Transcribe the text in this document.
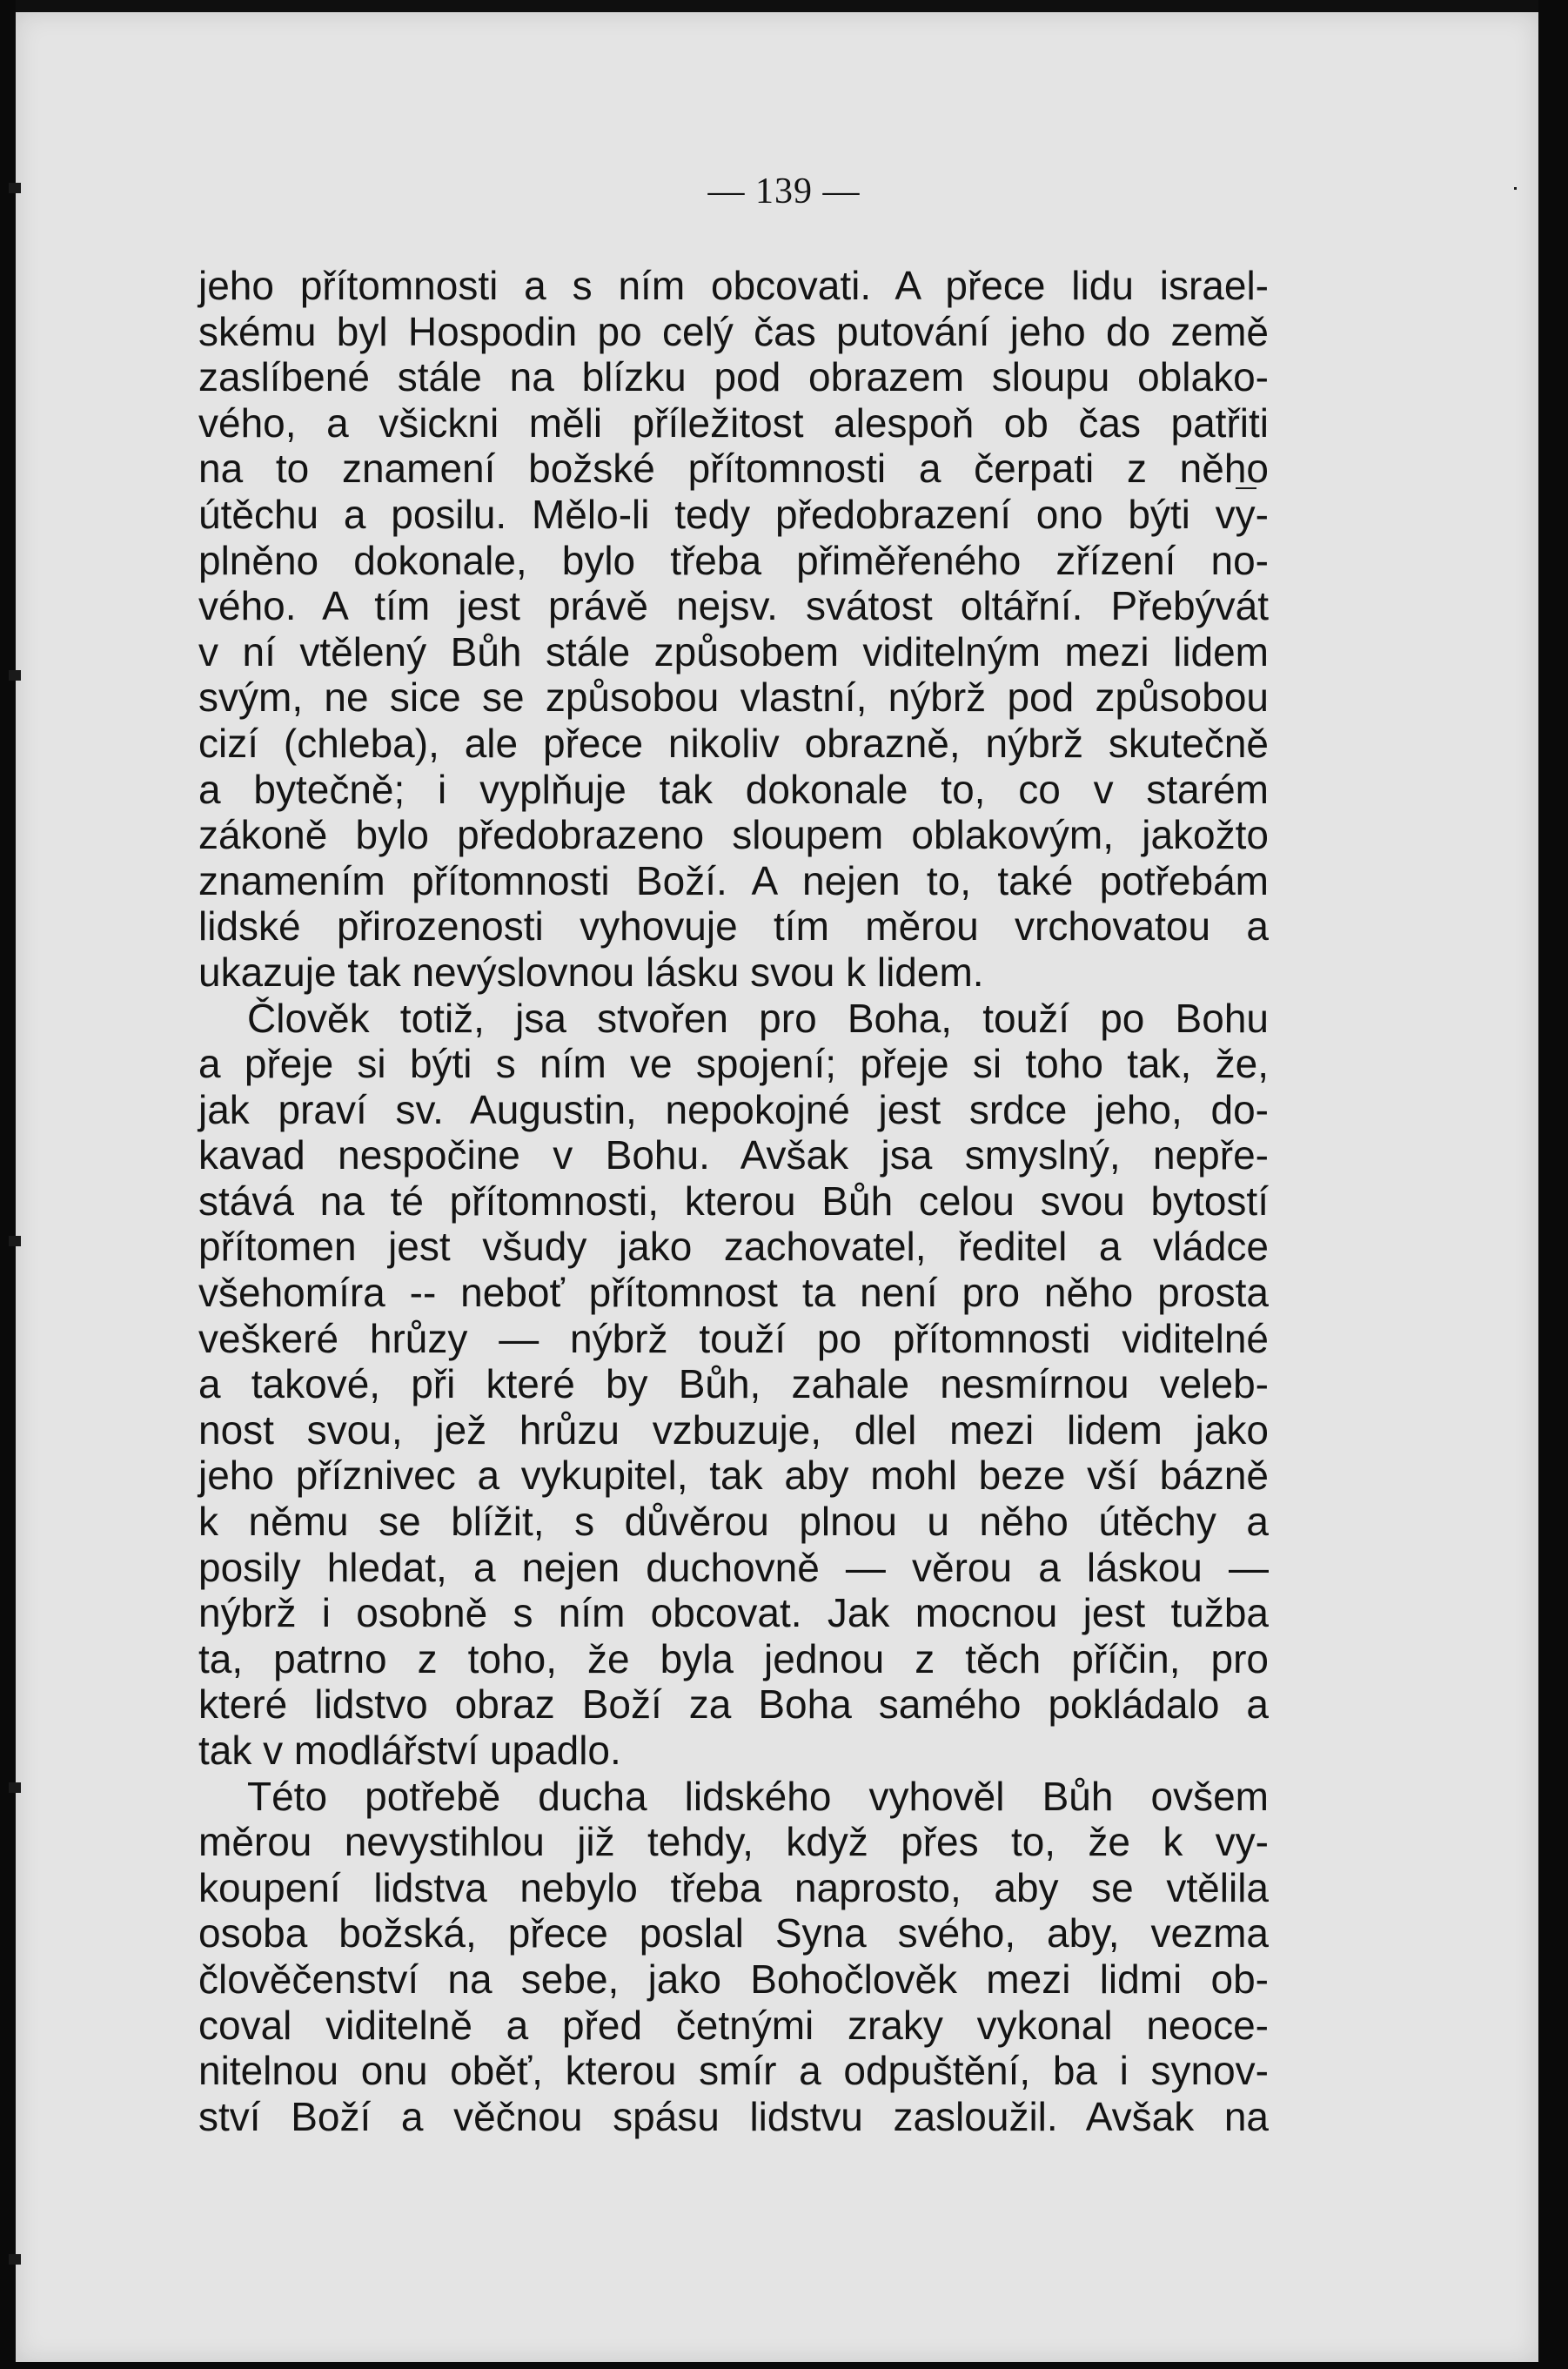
— 139 —
jeho přítomnosti a s ním obcovati. A přece lidu israel-
skému byl Hospodin po celý čas putování jeho do země
zaslíbené stále na blízku pod obrazem sloupu oblako-
vého, a všickni měli příležitost alespoň ob čas patřiti
na to znamení božské přítomnosti a čerpati z něho
útěchu a posilu. Mělo-li tedy předobrazení ono býti vy-
plněno dokonale, bylo třeba přiměřeného zřízení no-
vého. A tím jest právě nejsv. svátost oltářní. Přebývát
v ní vtělený Bůh stále způsobem viditelným mezi lidem
svým, ne sice se způsobou vlastní, nýbrž pod způsobou
cizí (chleba), ale přece nikoliv obrazně, nýbrž skutečně
a bytečně; i vyplňuje tak dokonale to, co v starém
zákoně bylo předobrazeno sloupem oblakovým, jakožto
znamením přítomnosti Boží. A nejen to, také potřebám
lidské přirozenosti vyhovuje tím měrou vrchovatou a
ukazuje tak nevýslovnou lásku svou k lidem.
Člověk totiž, jsa stvořen pro Boha, touží po Bohu
a přeje si býti s ním ve spojení; přeje si toho tak, že,
jak praví sv. Augustin, nepokojné jest srdce jeho, do-
kavad nespočine v Bohu. Avšak jsa smyslný, nepře-
stává na té přítomnosti, kterou Bůh celou svou bytostí
přítomen jest všudy jako zachovatel, ředitel a vládce
všehomíra -- neboť přítomnost ta není pro něho prosta
veškeré hrůzy — nýbrž touží po přítomnosti viditelné
a takové, při které by Bůh, zahale nesmírnou veleb-
nost svou, jež hrůzu vzbuzuje, dlel mezi lidem jako
jeho příznivec a vykupitel, tak aby mohl beze vší bázně
k němu se blížit, s důvěrou plnou u něho útěchy a
posily hledat, a nejen duchovně — věrou a láskou —
nýbrž i osobně s ním obcovat. Jak mocnou jest tužba
ta, patrno z toho, že byla jednou z těch příčin, pro
které lidstvo obraz Boží za Boha samého pokládalo a
tak v modlářství upadlo.
Této potřebě ducha lidského vyhověl Bůh ovšem
měrou nevystihlou již tehdy, když přes to, že k vy-
koupení lidstva nebylo třeba naprosto, aby se vtělila
osoba božská, přece poslal Syna svého, aby, vezma
člověčenství na sebe, jako Bohočlověk mezi lidmi ob-
coval viditelně a před četnými zraky vykonal neoce-
nitelnou onu oběť, kterou smír a odpuštění, ba i synov-
ství Boží a věčnou spásu lidstvu zasloužil. Avšak na
